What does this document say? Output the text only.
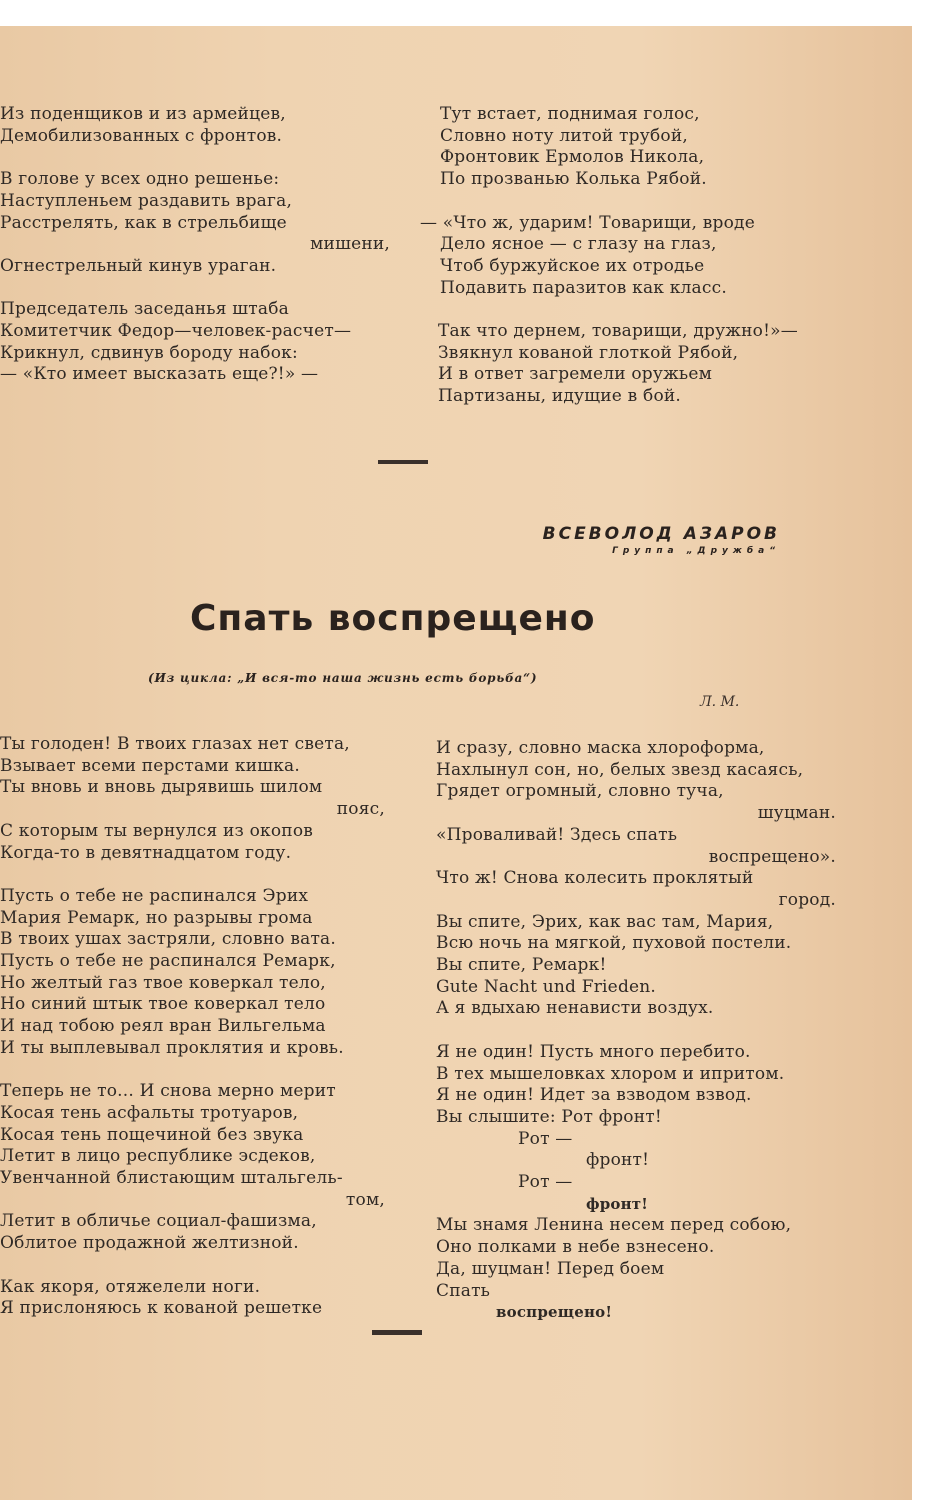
Из поденщиков и из армейцев,
Демобилизованных с фронтов.
В голове у всех одно решенье:
Наступленьем раздавить врага,
Расстрелять, как в стрельбище
мишени,
Огнестрельный кинув ураган.
Председатель заседанья штаба
Комитетчик Федор—человек-расчет—
Крикнул, сдвинув бороду набок:
— «Кто имеет высказать еще?!» —
Тут встает, поднимая голос,
Словно ноту литой трубой,
Фронтовик Ермолов Никола,
По прозванью Колька Рябой.
— «Что ж, ударим! Товарищи, вроде
Дело ясное — с глазу на глаз,
Чтоб буржуйское их отродье
Подавить паразитов как класс.
Так что дернем, товарищи, дружно!»—
Звякнул кованой глоткой Рябой,
И в ответ загремели оружьем
Партизаны, идущие в бой.
ВСЕВОЛОД АЗАРОВ
Группа „Дружба“
Спать воспрещено
(Из цикла: „И вся-то наша жизнь есть борьба“)
Л. М.
Ты голоден! В твоих глазах нет света,
Взывает всеми перстами кишка.
Ты вновь и вновь дырявишь шилом
пояс,
С которым ты вернулся из окопов
Когда-то в девятнадцатом году.
Пусть о тебе не распинался Эрих
Мария Ремарк, но разрывы грома
В твоих ушах застряли, словно вата.
Пусть о тебе не распинался Ремарк,
Но желтый газ твое коверкал тело,
Но синий штык твое коверкал тело
И над тобою реял вран Вильгельма
И ты выплевывал проклятия и кровь.
Теперь не то... И снова мерно мерит
Косая тень асфальты тротуаров,
Косая тень пощечиной без звука
Летит в лицо республике эсдеков,
Увенчанной блистающим штальгель-
том,
Летит в обличье социал-фашизма,
Облитое продажной желтизной.
Как якоря, отяжелели ноги.
Я прислоняюсь к кованой решетке
И сразу, словно маска хлороформа,
Нахлынул сон, но, белых звезд касаясь,
Грядет огромный, словно туча,
шуцман.
«Проваливай! Здесь спать
воспрещено».
Что ж! Снова колесить проклятый
город.
Вы спите, Эрих, как вас там, Мария,
Всю ночь на мягкой, пуховой постели.
Вы спите, Ремарк!
Gute Nacht und Frieden.
А я вдыхаю ненависти воздух.
Я не один! Пусть много перебито.
В тех мышеловках хлором и ипритом.
Я не один! Идет за взводом взвод.
Вы слышите: Рот фронт!
Рот —
фронт!
Рот —
фронт!
Мы знамя Ленина несем перед собою,
Оно полками в небе взнесено.
Да, шуцман! Перед боем
Спать
воспрещено!
